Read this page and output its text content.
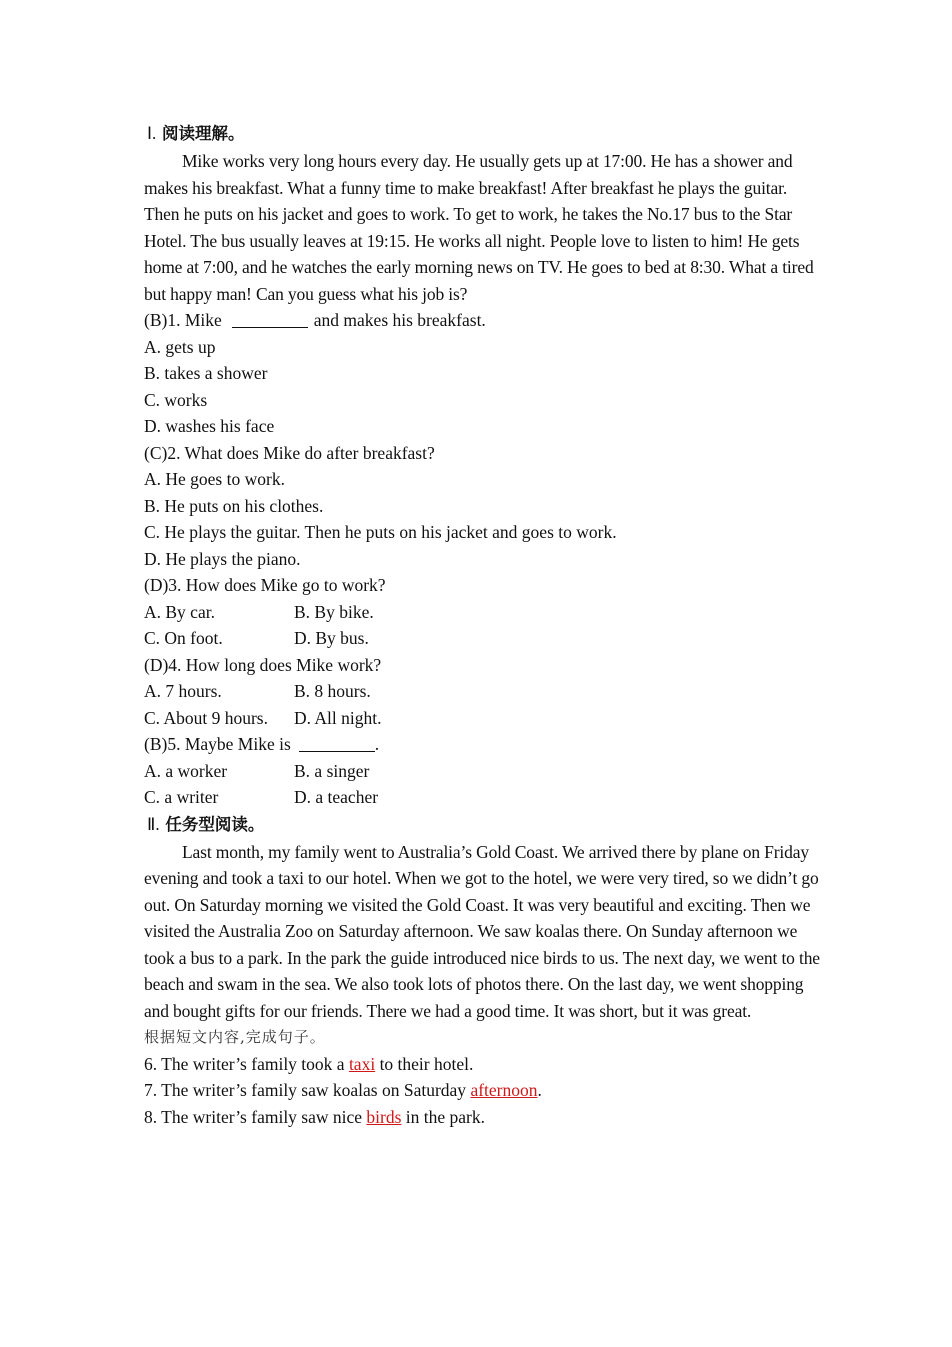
Ⅰ. 阅读理解。

Mike works very long hours every day. He usually gets up at 17:00. He has a shower and makes his breakfast. What a funny time to make breakfast! After breakfast he plays the guitar. Then he puts on his jacket and goes to work. To get to work, he takes the No.17 bus to the Star Hotel. The bus usually leaves at 19:15. He works all night. People love to listen to him! He gets home at 7:00, and he watches the early morning news on TV. He goes to bed at 8:30. What a tired but happy man! Can you guess what his job is?

(B)1. Mike	and makes his breakfast.
A. gets up
B. takes a shower
C. works
D. washes his face
(C)2. What does Mike do after breakfast?
A. He goes to work.
B. He puts on his clothes.
C. He plays the guitar. Then he puts on his jacket and goes to work.
D. He plays the piano.
(D)3. How does Mike go to work?
A. By car.	B. By bike.
C. On foot.	D. By bus.
(D)4. How long does Mike work?
A. 7 hours.	B. 8 hours.
C. About 9 hours.	D. All night.
(B)5. Maybe Mike is	.
A. a worker	B. a singer
C. a writer	D. a teacher
Ⅱ. 任务型阅读。

Last month, my family went to Australia’s Gold Coast. We arrived there by plane on Friday evening and took a taxi to our hotel. When we got to the hotel, we were very tired, so we didn’t go out. On Saturday morning we visited the Gold Coast. It was very beautiful and exciting. Then we visited the Australia Zoo on Saturday afternoon. We saw koalas there. On Sunday afternoon we took a bus to a park. In the park the guide introduced nice birds to us. The next day, we went to the beach and swam in the sea. We also took lots of photos there. On the last day, we went shopping and bought gifts for our friends. There we had a good time. It was short, but it was great.

根据短文内容,完成句子。
6. The writer’s family took a taxi to their hotel.
7. The writer’s family saw koalas on Saturday afternoon.
8. The writer’s family saw nice birds in the park.
